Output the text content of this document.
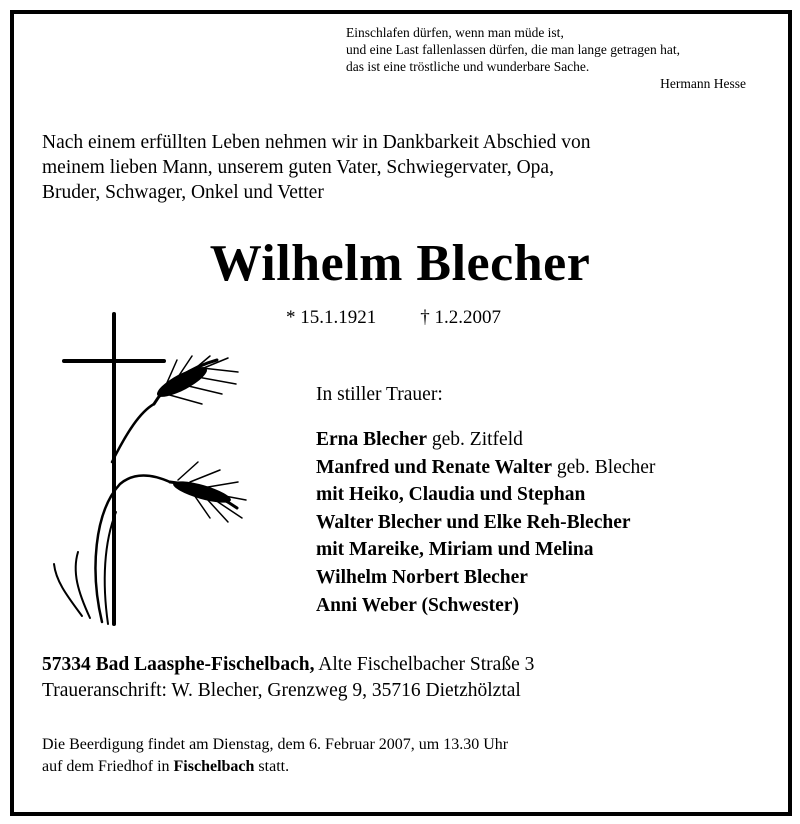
Einschlafen dürfen, wenn man müde ist,
und eine Last fallenlassen dürfen, die man lange getragen hat,
das ist eine tröstliche und wunderbare Sache.
Hermann Hesse
Nach einem erfüllten Leben nehmen wir in Dankbarkeit Abschied von
meinem lieben Mann, unserem guten Vater, Schwiegervater, Opa,
Bruder, Schwager, Onkel und Vetter
Wilhelm Blecher
* 15.1.1921 † 1.2.2007
In stiller Trauer:
Erna Blecher geb. Zitfeld
Manfred und Renate Walter geb. Blecher
mit Heiko, Claudia und Stephan
Walter Blecher und Elke Reh-Blecher
mit Mareike, Miriam und Melina
Wilhelm Norbert Blecher
Anni Weber (Schwester)
57334 Bad Laasphe-Fischelbach, Alte Fischelbacher Straße 3
Traueranschrift: W. Blecher, Grenzweg 9, 35716 Dietzhölztal
Die Beerdigung findet am Dienstag, dem 6. Februar 2007, um 13.30 Uhr
auf dem Friedhof in Fischelbach statt.
